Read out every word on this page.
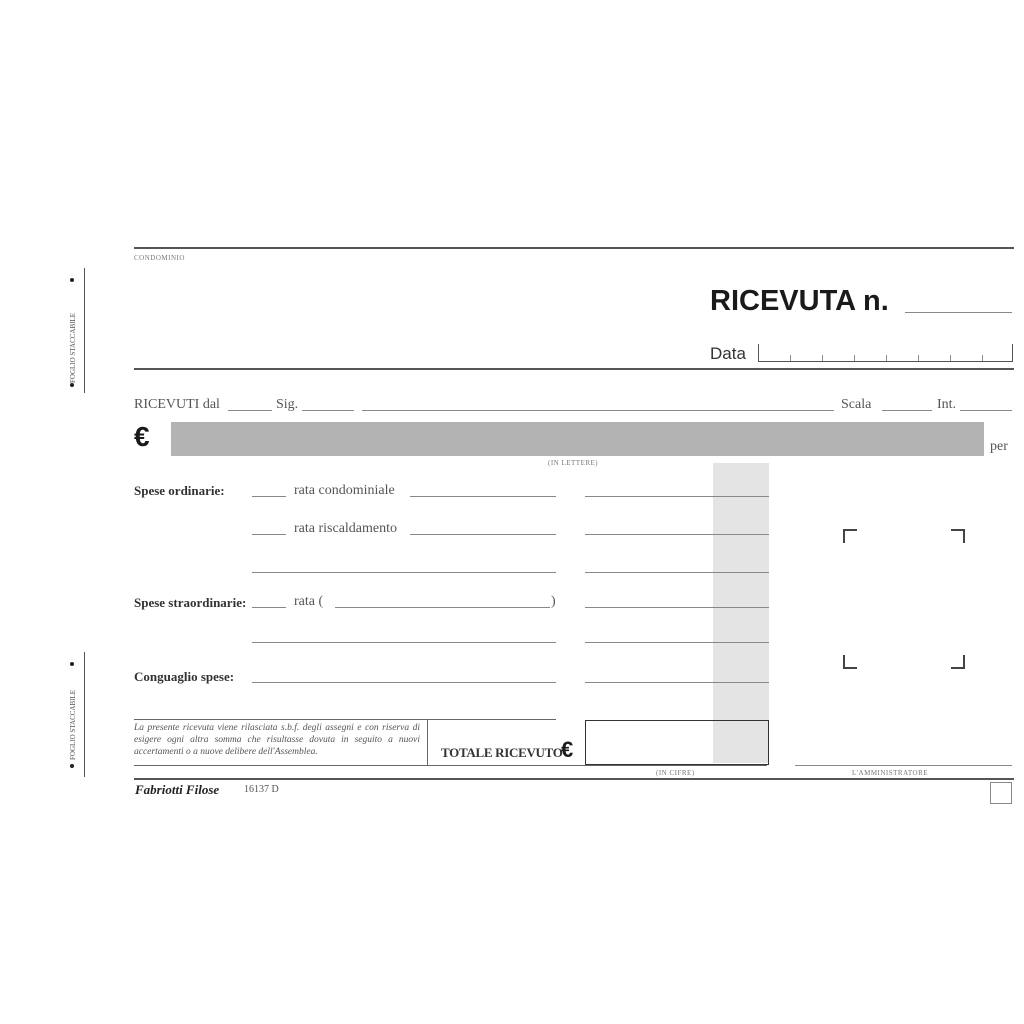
FOGLIO STACCABILE
FOGLIO STACCABILE
CONDOMINIO
RICEVUTA n.
Data
RICEVUTI dal	Sig.	Scala	Int.
€	per
(IN LETTERE)
Spese ordinarie:	rata condominiale
rata riscaldamento
Spese straordinarie:	rata (	)
Conguaglio spese:
La presente ricevuta viene rilasciata s.b.f. degli assegni e con riserva di esigere ogni altra somma che risultasse dovuta in seguito a nuovi accertamenti o a nuove delibere dell'Assemblea.	TOTALE RICEVUTO
€
(IN CIFRE)	L'AMMINISTRATORE
Fabriotti Filose 16137 D
